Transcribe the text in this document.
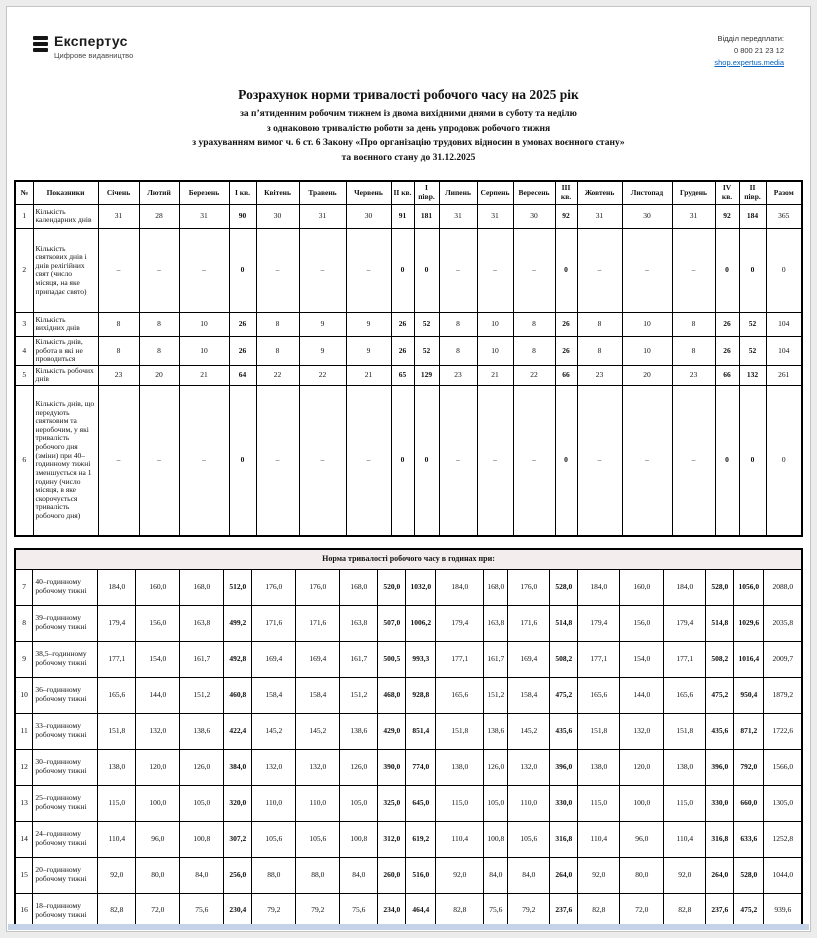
Експертус
Цифрове видавництво
Відділ передплати:
0 800 21 23 12
shop.expertus.media
Розрахунок норми тривалості робочого часу на 2025 рік
за п’ятиденним робочим тижнем із двома вихідними днями в суботу та неділю
з однаковою тривалістю роботи за день упродовж робочого тижня
з урахуванням вимог ч. 6 ст. 6 Закону «Про організацію трудових відносин в умовах воєнного стану»
та воєнного стану до 31.12.2025
№	Показники	Січень	Лютий	Березень	І кв.	Квітень	Травень	Червень	ІІ кв.	І півр.	Липень	Серпень	Вересень	ІІІ кв.	Жовтень	Листопад	Грудень	IV кв.	ІІ півр.	Разом
1	Кількість календарних днів	31	28	31	90	30	31	30	91	181	31	31	30	92	31	30	31	92	184	365
2	Кількість святкових днів і днів релігійних свят (число місяця, на яке припадає свято)	–	–	–	0	–	–	–	0	0	–	–	–	0	–	–	–	0	0	0
3	Кількість вихідних днів	8	8	10	26	8	9	9	26	52	8	10	8	26	8	10	8	26	52	104
4	Кількість днів, робота в які не проводиться	8	8	10	26	8	9	9	26	52	8	10	8	26	8	10	8	26	52	104
5	Кількість робочих днів	23	20	21	64	22	22	21	65	129	23	21	22	66	23	20	23	66	132	261
6	Кількість днів, що передують святковим та неробочим, у які тривалість робочого дня (зміни) при 40–годинному тижні зменшується на 1 годину (число місяця, в яке скорочується тривалість робочого дня)	–	–	–	0	–	–	–	0	0	–	–	–	0	–	–	–	0	0	0
Норма тривалості робочого часу в годинах при:																				
7	40–годинному робочому тижні	184,0	160,0	168,0	512,0	176,0	176,0	168,0	520,0	1032,0	184,0	168,0	176,0	528,0	184,0	160,0	184,0	528,0	1056,0	2088,0
8	39–годинному робочому тижні	179,4	156,0	163,8	499,2	171,6	171,6	163,8	507,0	1006,2	179,4	163,8	171,6	514,8	179,4	156,0	179,4	514,8	1029,6	2035,8
9	38,5–годинному робочому тижні	177,1	154,0	161,7	492,8	169,4	169,4	161,7	500,5	993,3	177,1	161,7	169,4	508,2	177,1	154,0	177,1	508,2	1016,4	2009,7
10	36–годинному робочому тижні	165,6	144,0	151,2	460,8	158,4	158,4	151,2	468,0	928,8	165,6	151,2	158,4	475,2	165,6	144,0	165,6	475,2	950,4	1879,2
11	33–годинному робочому тижні	151,8	132,0	138,6	422,4	145,2	145,2	138,6	429,0	851,4	151,8	138,6	145,2	435,6	151,8	132,0	151,8	435,6	871,2	1722,6
12	30–годинному робочому тижні	138,0	120,0	126,0	384,0	132,0	132,0	126,0	390,0	774,0	138,0	126,0	132,0	396,0	138,0	120,0	138,0	396,0	792,0	1566,0
13	25–годинному робочому тижні	115,0	100,0	105,0	320,0	110,0	110,0	105,0	325,0	645,0	115,0	105,0	110,0	330,0	115,0	100,0	115,0	330,0	660,0	1305,0
14	24–годинному робочому тижні	110,4	96,0	100,8	307,2	105,6	105,6	100,8	312,0	619,2	110,4	100,8	105,6	316,8	110,4	96,0	110,4	316,8	633,6	1252,8
15	20–годинному робочому тижні	92,0	80,0	84,0	256,0	88,0	88,0	84,0	260,0	516,0	92,0	84,0	84,0	264,0	92,0	80,0	92,0	264,0	528,0	1044,0
16	18–годинному робочому тижні	82,8	72,0	75,6	230,4	79,2	79,2	75,6	234,0	464,4	82,8	75,6	79,2	237,6	82,8	72,0	82,8	237,6	475,2	939,6
